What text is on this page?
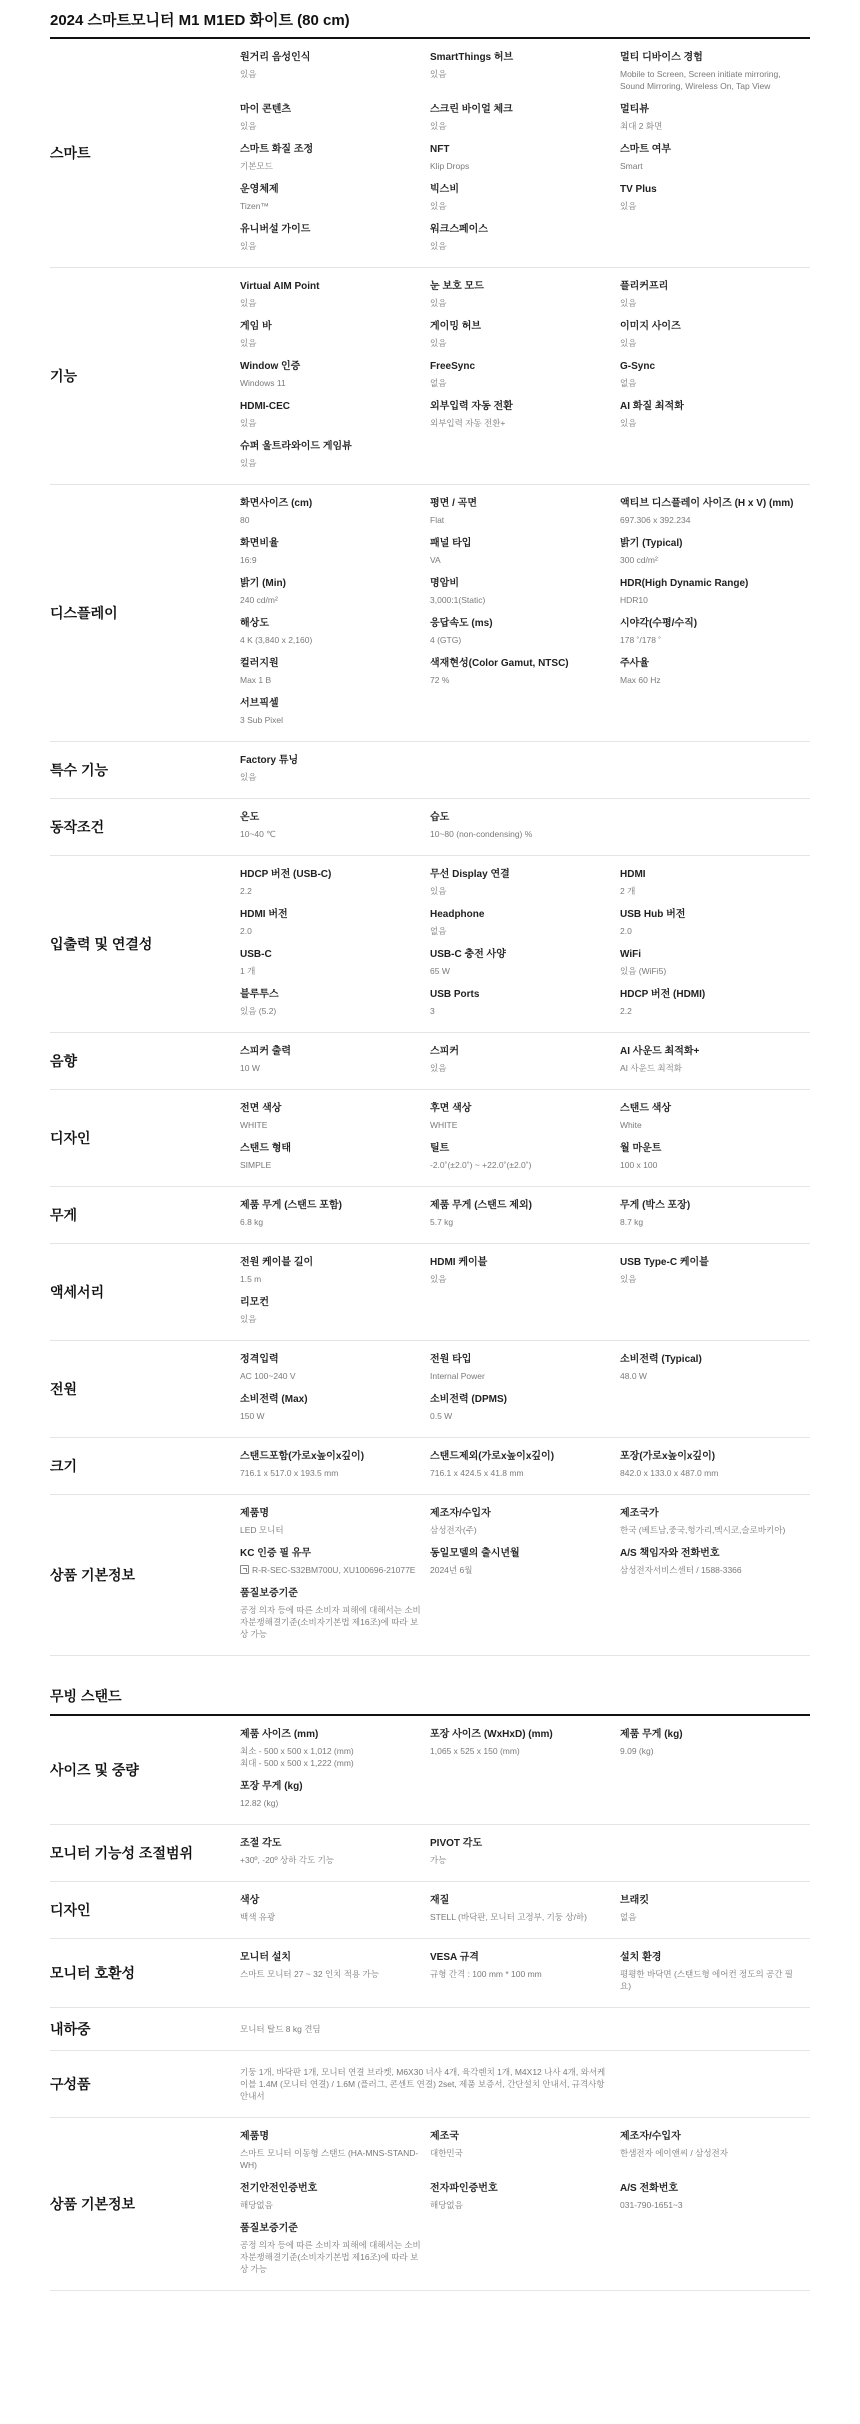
2024 스마트모니터 M1 M1ED 화이트 (80 cm)
스마트
원거리 음성인식
있음
SmartThings 허브
있음
멀티 디바이스 경험
Mobile to Screen, Screen initiate mirroring, Sound Mirroring, Wireless On, Tap View
마이 콘텐츠
있음
스크린 바이얼 체크
있음
멀티뷰
최대 2 화면
스마트 화질 조정
기본모드
NFT
Klip Drops
스마트 여부
Smart
운영체제
Tizen™
빅스비
있음
TV Plus
있음
유니버설 가이드
있음
워크스페이스
있음
기능
Virtual AIM Point
있음
눈 보호 모드
있음
플리커프리
있음
게임 바
있음
게이밍 허브
있음
이미지 사이즈
있음
Window 인증
Windows 11
FreeSync
없음
G-Sync
없음
HDMI-CEC
있음
외부입력 자동 전환
외부입력 자동 전환+
AI 화질 최적화
있음
슈퍼 울트라와이드 게임뷰
있음
디스플레이
화면사이즈 (cm)
80
평면 / 곡면
Flat
액티브 디스플레이 사이즈 (H x V) (mm)
697.306 x 392.234
화면비율
16:9
패널 타입
VA
밝기 (Typical)
300 cd/m²
밝기 (Min)
240 cd/m²
명암비
3,000:1(Static)
HDR(High Dynamic Range)
HDR10
해상도
4 K (3,840 x 2,160)
응답속도 (ms)
4 (GTG)
시야각(수평/수직)
178 ˚/178 ˚
컬러지원
Max 1 B
색재현성(Color Gamut, NTSC)
72 %
주사율
Max 60 Hz
서브픽셀
3 Sub Pixel
특수 기능
Factory 튜닝
있음
동작조건
온도
10~40 ℃
습도
10~80 (non-condensing) %
입출력 및 연결성
HDCP 버전 (USB-C)
2.2
무선 Display 연결
있음
HDMI
2 개
HDMI 버전
2.0
Headphone
없음
USB Hub 버전
2.0
USB-C
1 개
USB-C 충전 사양
65 W
WiFi
있음 (WiFi5)
블루투스
있음 (5.2)
USB Ports
3
HDCP 버전 (HDMI)
2.2
음향
스피커 출력
10 W
스피커
있음
AI 사운드 최적화+
AI 사운드 최적화
디자인
전면 색상
WHITE
후면 색상
WHITE
스탠드 색상
White
스탠드 형태
SIMPLE
틸트
-2.0˚(±2.0˚) ~ +22.0˚(±2.0˚)
월 마운트
100 x 100
무게
제품 무게 (스탠드 포함)
6.8 kg
제품 무게 (스탠드 제외)
5.7 kg
무게 (박스 포장)
8.7 kg
액세서리
전원 케이블 길이
1.5 m
HDMI 케이블
있음
USB Type-C 케이블
있음
리모컨
있음
전원
정격입력
AC 100~240 V
전원 타입
Internal Power
소비전력 (Typical)
48.0 W
소비전력 (Max)
150 W
소비전력 (DPMS)
0.5 W
크기
스탠드포함(가로x높이x깊이)
716.1 x 517.0 x 193.5 mm
스탠드제외(가로x높이x깊이)
716.1 x 424.5 x 41.8 mm
포장(가로x높이x깊이)
842.0 x 133.0 x 487.0 mm
상품 기본정보
제품명
LED 모니터
제조자/수입자
삼성전자(주)
제조국가
한국 (베트남,중국,헝가리,멕시코,슬로바키아)
KC 인증 필 유무
R-R-SEC-S32BM700U, XU100696-21077E
동일모델의 출시년월
2024년 6월
A/S 책임자와 전화번호
삼성전자서비스센터 / 1588-3366
품질보증기준
공정 의자 등에 따른 소비자 피해에 대해서는 소비자분쟁해결기준(소비자기본법 제16조)에 따라 보상 가능
무빙 스탠드
사이즈 및 중량
제품 사이즈 (mm)
최소 - 500 x 500 x 1,012 (mm)
최대 - 500 x 500 x 1,222 (mm)
포장 사이즈 (WxHxD) (mm)
1,065 x 525 x 150 (mm)
제품 무게 (kg)
9.09 (kg)
포장 무게 (kg)
12.82 (kg)
모니터 기능성 조절범위
조절 각도
+30º, -20º 상하 각도 기능
PIVOT 각도
가능
디자인
색상
백색 유광
재질
STELL (바닥판, 모니터 고정부, 기둥 상/하)
브래킷
없음
모니터 호환성
모니터 설치
스마트 모니터 27 ~ 32 인치 적용 가능
VESA 규격
규형 간격 : 100 mm * 100 mm
설치 환경
평평한 바닥면 (스탠드형 에어컨 정도의 공간 필요)
내하중	모니터 탈드 8 kg 견딤
구성품
기둥 1개, 바닥판 1개, 모니터 연결 브라켓, M6X30 너사 4개, 육각렌치 1개, M4X12 나사 4개, 와셔케이블 1.4M (모니터 연결) / 1.6M (플러그, 콘센트 연결) 2set, 제품 보증서, 간단설치 안내서, 규격사항 안내서
상품 기본정보
제품명
스마트 모니터 이동형 스탠드 (HA-MNS-STAND-WH)
제조국
대한민국
제조자/수입자
한샘전자 에이앤씨 / 삼성전자
전기안전인증번호
해당없음
전자파인증번호
해당없음
A/S 전화번호
031-790-1651~3
품질보증기준
공정 의자 등에 따른 소비자 피해에 대해서는 소비자분쟁해결기준(소비자기본법 제16조)에 따라 보상 가능
